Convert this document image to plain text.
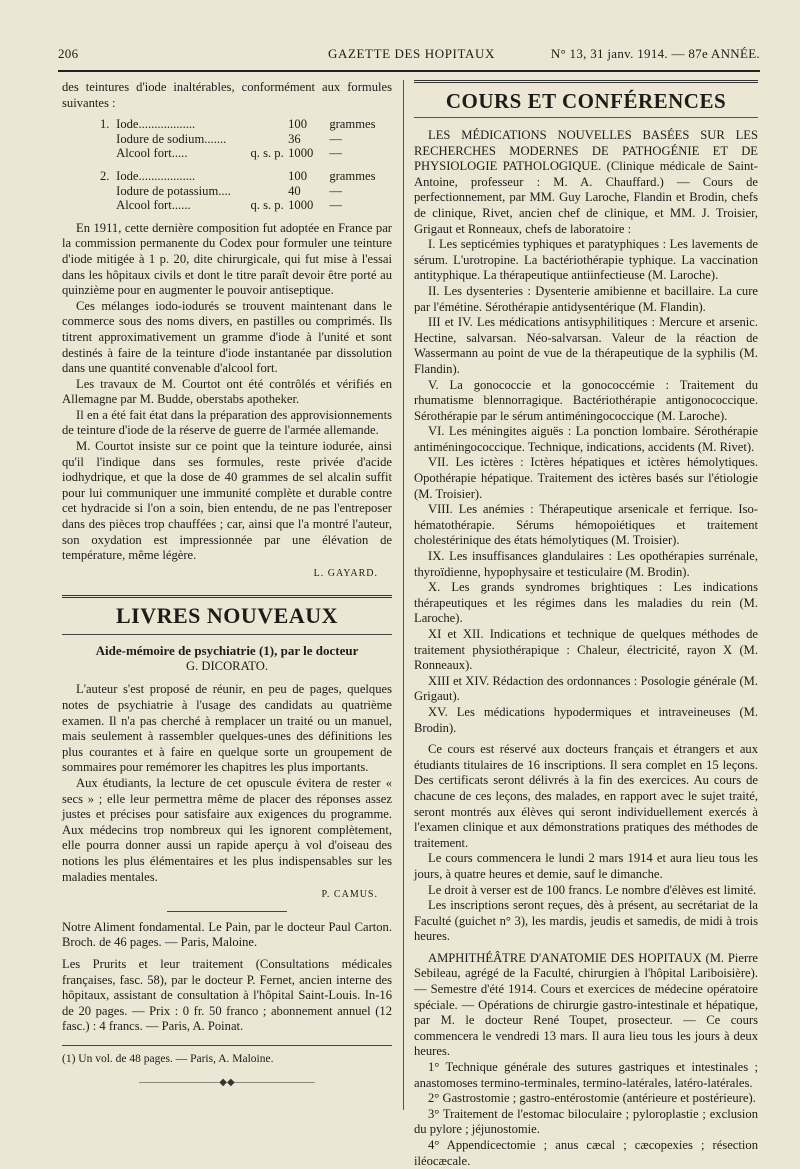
206	GAZETTE DES HOPITAUX	N° 13, 31 janv. 1914. — 87e ANNÉE.

des teintures d'iode inaltérables, conformément aux formules suivantes :

1. Iode..................	100	grammes
Iodure de sodium.......	36	—
Alcool fort.....	q. s. p. 1000	—
2. Iode..................	100	grammes
Iodure de potassium....	40	—
Alcool fort......	q. s. p. 1000	—

En 1911, cette dernière composition fut adoptée en France par la commission permanente du Codex pour formuler une teinture d'iode mitigée à 1 p. 20, dite chirurgicale, qui fut mise à l'essai dans les hôpitaux civils et dont le titre paraît devoir être porté au quinzième pour en augmenter le pouvoir antiseptique.

Ces mélanges iodo-iodurés se trouvent maintenant dans le commerce sous des noms divers, en pastilles ou comprimés. Ils titrent approximativement un gramme d'iode à l'unité et sont destinés à faire de la teinture d'iode instantanée par dissolution dans une quantité convenable d'alcool fort.

Les travaux de M. Courtot ont été contrôlés et vérifiés en Allemagne par M. Budde, oberstabs apotheker.

Il en a été fait état dans la préparation des approvisionnements de teinture d'iode de la réserve de guerre de l'armée allemande.

M. Courtot insiste sur ce point que la teinture iodurée, ainsi qu'il l'indique dans ses formules, reste privée d'acide iodhydrique, et que la dose de 40 grammes de sel alcalin suffit pour lui communiquer une immunité complète et durable contre cet hydracide si l'on a soin, bien entendu, de ne pas l'entreposer dans des pièces trop chauffées ; car, ainsi que l'a montré l'auteur, son oxydation est impressionnée par une élévation de température, même légère.

L. GAYARD.
LIVRES NOUVEAUX
Aide-mémoire de psychiatrie (1), par le docteur
G. DICORATO.

L'auteur s'est proposé de réunir, en peu de pages, quelques notes de psychiatrie à l'usage des candidats au quatrième examen. Il n'a pas cherché à remplacer un traité ou un manuel, mais seulement à rassembler quelques-unes des définitions les plus courantes et à faire en quelque sorte un groupement de sommaires pour remémorer les chapitres les plus importants.

Aux étudiants, la lecture de cet opuscule évitera de rester « secs » ; elle leur permettra même de placer des réponses assez justes et précises pour satisfaire aux exigences du programme. Aux médecins trop nombreux qui les ignorent complètement, elle pourra donner aussi un rapide aperçu à vol d'oiseau des notions les plus élémentaires et les plus indispensables sur les maladies mentales.

P. CAMUS.

Notre Aliment fondamental. Le Pain, par le docteur Paul Carton. Broch. de 46 pages. — Paris, Maloine.

Les Prurits et leur traitement (Consultations médicales françaises, fasc. 58), par le docteur P. Fernet, ancien interne des hôpitaux, assistant de consultation à l'hôpital Saint-Louis. In-16 de 20 pages. — Prix : 0 fr. 50 franco ; abonnement annuel (12 fasc.) : 4 francs. — Paris, A. Poinat.

(1) Un vol. de 48 pages. — Paris, A. Maloine.

————————◆◆————————
COURS ET CONFÉRENCES

LES MÉDICATIONS NOUVELLES BASÉES SUR LES RECHERCHES MODERNES DE PATHOGÉNIE ET DE PHYSIOLOGIE PATHOLOGIQUE. (Clinique médicale de Saint-Antoine, professeur : M. A. Chauffard.) — Cours de perfectionnement, par MM. Guy Laroche, Flandin et Brodin, chefs de clinique, Rivet, ancien chef de clinique, et MM. J. Troisier, Grigaut et Ronneaux, chefs de laboratoire :

I. Les septicémies typhiques et paratyphiques : Les lavements de sérum. L'urotropine. La bactériothérapie typhique. La vaccination antityphique. La thérapeutique antiinfectieuse (M. Laroche).

II. Les dysenteries : Dysenterie amibienne et bacillaire. La cure par l'émétine. Sérothérapie antidysentérique (M. Flandin).

III et IV. Les médications antisyphilitiques : Mercure et arsenic. Hectine, salvarsan. Néo-salvarsan. Valeur de la réaction de Wassermann au point de vue de la thérapeutique de la syphilis (M. Flandin).

V. La gonococcie et la gonococcémie : Traitement du rhumatisme blennorragique. Bactériothérapie antigonococcique. Sérothérapie par le sérum antiméningococcique (M. Laroche).

VI. Les méningites aiguës : La ponction lombaire. Sérothérapie antiméningococcique. Technique, indications, accidents (M. Rivet).

VII. Les ictères : Ictères hépatiques et ictères hémolytiques. Opothérapie hépatique. Traitement des ictères basés sur l'étiologie (M. Troisier).

VIII. Les anémies : Thérapeutique arsenicale et ferrique. Iso-hématothérapie. Sérums hémopoiétiques et traitement cholestérinique des états hémolytiques (M. Troisier).

IX. Les insuffisances glandulaires : Les opothérapies surrénale, thyroïdienne, hypophysaire et testiculaire (M. Brodin).

X. Les grands syndromes brightiques : Les indications thérapeutiques et les régimes dans les maladies du rein (M. Laroche).

XI et XII. Indications et technique de quelques méthodes de traitement physiothérapique : Chaleur, électricité, rayon X (M. Ronneaux).

XIII et XIV. Rédaction des ordonnances : Posologie générale (M. Grigaut).

XV. Les médications hypodermiques et intraveineuses (M. Brodin).

Ce cours est réservé aux docteurs français et étrangers et aux étudiants titulaires de 16 inscriptions. Il sera complet en 15 leçons. Des certificats seront délivrés à la fin des exercices. Au cours de chacune de ces leçons, des malades, en rapport avec le sujet traité, seront montrés aux élèves qui seront individuellement exercés à l'examen clinique et aux démonstrations pratiques des méthodes de traitement.

Le cours commencera le lundi 2 mars 1914 et aura lieu tous les jours, à quatre heures et demie, sauf le dimanche.

Le droit à verser est de 100 francs. Le nombre d'élèves est limité.

Les inscriptions seront reçues, dès à présent, au secrétariat de la Faculté (guichet n° 3), les mardis, jeudis et samedis, de midi à trois heures.

AMPHITHÉÂTRE D'ANATOMIE DES HOPITAUX (M. Pierre Sebileau, agrégé de la Faculté, chirurgien à l'hôpital Lariboisière). — Semestre d'été 1914. Cours et exercices de médecine opératoire spéciale. — Opérations de chirurgie gastro-intestinale et hépatique, par M. le docteur René Toupet, prosecteur. — Ce cours commencera le vendredi 13 mars. Il aura lieu tous les jours à deux heures.

1° Technique générale des sutures gastriques et intestinales ; anastomoses termino-terminales, termino-latérales, latéro-latérales.

2° Gastrostomie ; gastro-entérostomie (antérieure et postérieure).

3° Traitement de l'estomac biloculaire ; pyloroplastie ; exclusion du pylore ; jéjunostomie.

4° Appendicectomie ; anus cæcal ; cæcopexies ; résection iléocæcale.
